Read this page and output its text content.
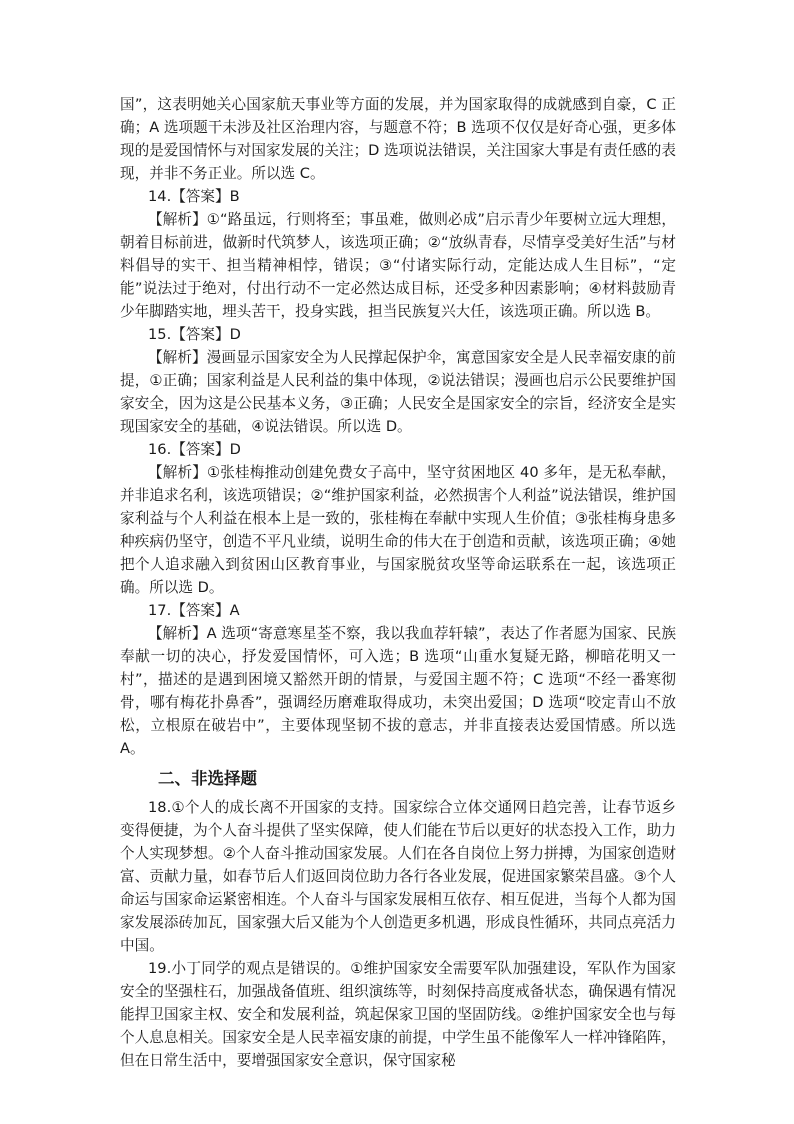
国”，这表明她关心国家航天事业等方面的发展，并为国家取得的成就感到自豪，C 正确；A 选项题干未涉及社区治理内容，与题意不符；B 选项不仅仅是好奇心强，更多体现的是爱国情怀与对国家发展的关注；D 选项说法错误，关注国家大事是有责任感的表现，并非不务正业。所以选 C。

14.【答案】B

【解析】①“路虽远，行则将至；事虽难，做则必成”启示青少年要树立远大理想，朝着目标前进，做新时代筑梦人，该选项正确；②“放纵青春，尽情享受美好生活”与材料倡导的实干、担当精神相悖，错误；③“付诸实际行动，定能达成人生目标”，“定能”说法过于绝对，付出行动不一定必然达成目标，还受多种因素影响；④材料鼓励青少年脚踏实地，埋头苦干，投身实践，担当民族复兴大任，该选项正确。所以选 B。

15.【答案】D

【解析】漫画显示国家安全为人民撑起保护伞，寓意国家安全是人民幸福安康的前提，①正确；国家利益是人民利益的集中体现，②说法错误；漫画也启示公民要维护国家安全，因为这是公民基本义务，③正确；人民安全是国家安全的宗旨，经济安全是实现国家安全的基础，④说法错误。所以选 D。

16.【答案】D

【解析】①张桂梅推动创建免费女子高中，坚守贫困地区 40 多年，是无私奉献，并非追求名利，该选项错误；②“维护国家利益，必然损害个人利益”说法错误，维护国家利益与个人利益在根本上是一致的，张桂梅在奉献中实现人生价值；③张桂梅身患多种疾病仍坚守，创造不平凡业绩，说明生命的伟大在于创造和贡献，该选项正确；④她把个人追求融入到贫困山区教育事业，与国家脱贫攻坚等命运联系在一起，该选项正确。所以选 D。

17.【答案】A

【解析】A 选项“寄意寒星荃不察，我以我血荐轩辕”，表达了作者愿为国家、民族奉献一切的决心，抒发爱国情怀，可入选；B 选项“山重水复疑无路，柳暗花明又一村”，描述的是遇到困境又豁然开朗的情景，与爱国主题不符；C 选项“不经一番寒彻骨，哪有梅花扑鼻香”，强调经历磨难取得成功，未突出爱国；D 选项“咬定青山不放松，立根原在破岩中”，主要体现坚韧不拔的意志，并非直接表达爱国情感。所以选 A。

二、非选择题

18.①个人的成长离不开国家的支持。国家综合立体交通网日趋完善，让春节返乡变得便捷，为个人奋斗提供了坚实保障，使人们能在节后以更好的状态投入工作，助力个人实现梦想。②个人奋斗推动国家发展。人们在各自岗位上努力拼搏，为国家创造财富、贡献力量，如春节后人们返回岗位助力各行各业发展，促进国家繁荣昌盛。③个人命运与国家命运紧密相连。个人奋斗与国家发展相互依存、相互促进，当每个人都为国家发展添砖加瓦，国家强大后又能为个人创造更多机遇，形成良性循环，共同点亮活力中国。

19.小丁同学的观点是错误的。①维护国家安全需要军队加强建设，军队作为国家安全的坚强柱石，加强战备值班、组织演练等，时刻保持高度戒备状态，确保遇有情况能捍卫国家主权、安全和发展利益，筑起保家卫国的坚固防线。②维护国家安全也与每个人息息相关。国家安全是人民幸福安康的前提，中学生虽不能像军人一样冲锋陷阵，但在日常生活中，要增强国家安全意识，保守国家秘
